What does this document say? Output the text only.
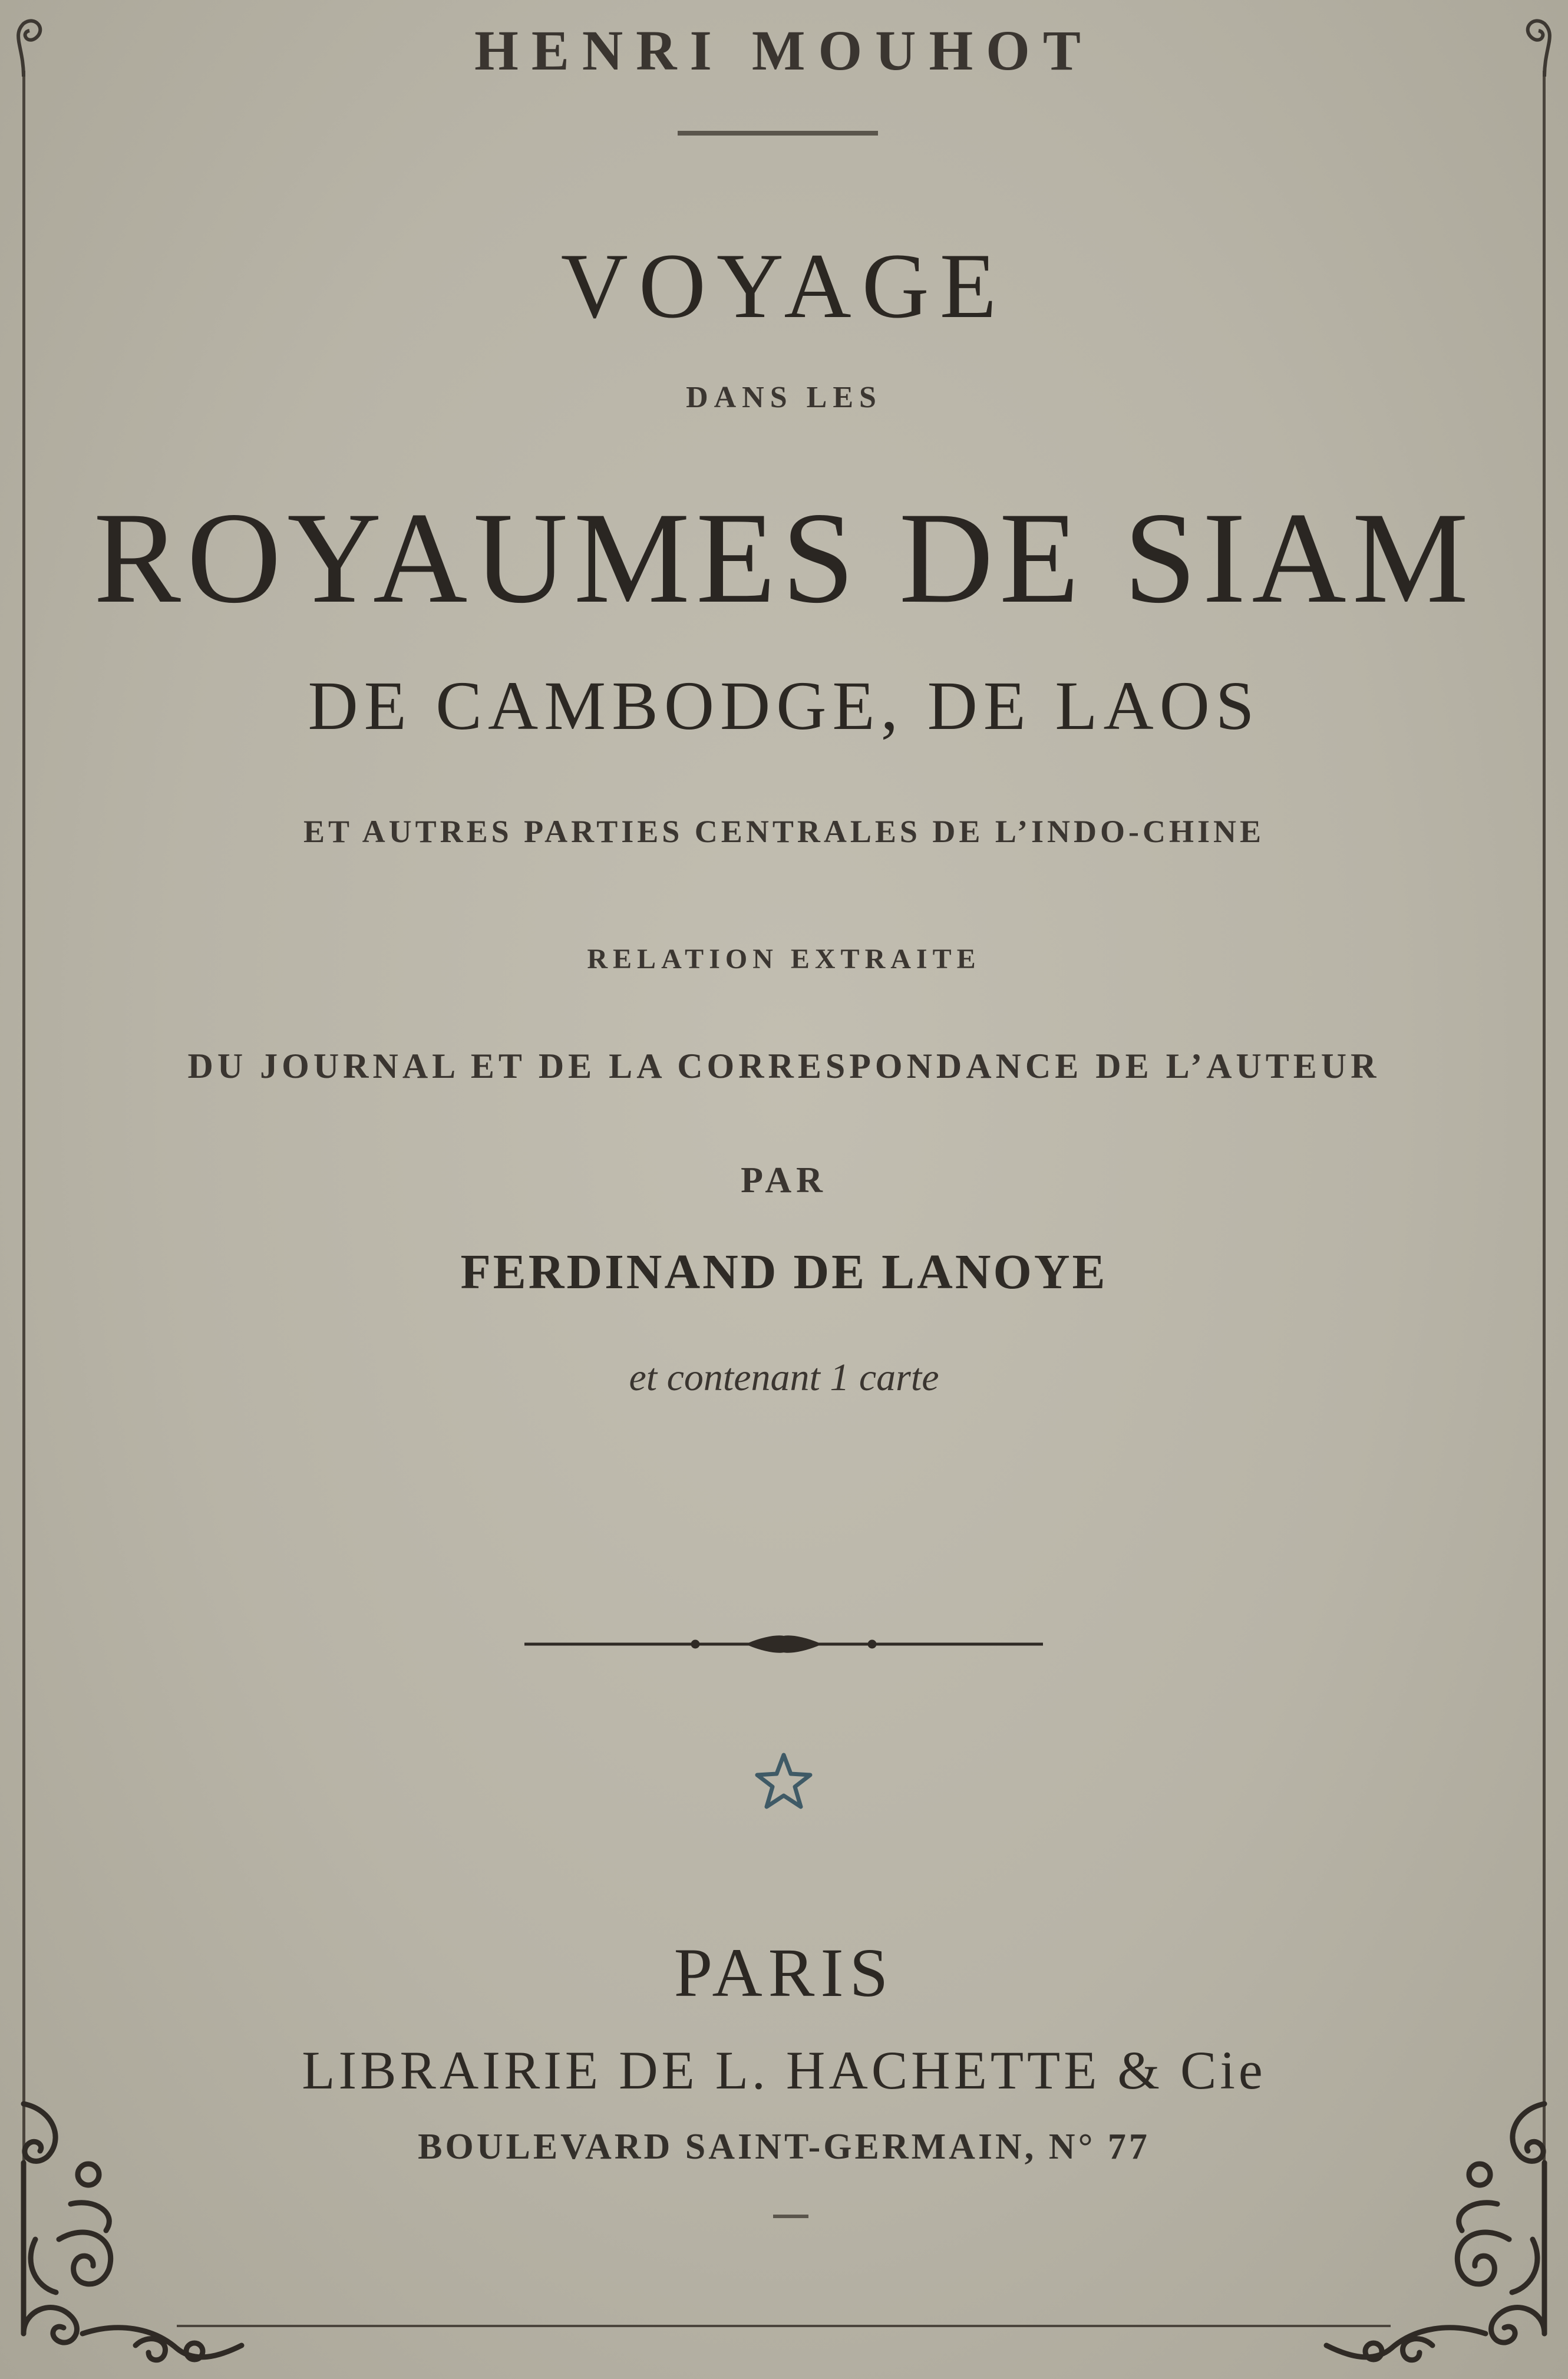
HENRI MOUHOT
VOYAGE
DANS LES
ROYAUMES DE SIAM
DE CAMBODGE, DE LAOS
ET AUTRES PARTIES CENTRALES DE L’INDO-CHINE
RELATION EXTRAITE
DU JOURNAL ET DE LA CORRESPONDANCE DE L’AUTEUR
PAR
FERDINAND DE LANOYE
et contenant 1 carte
PARIS
LIBRAIRIE DE L. HACHETTE & Cie
BOULEVARD SAINT-GERMAIN, N° 77
